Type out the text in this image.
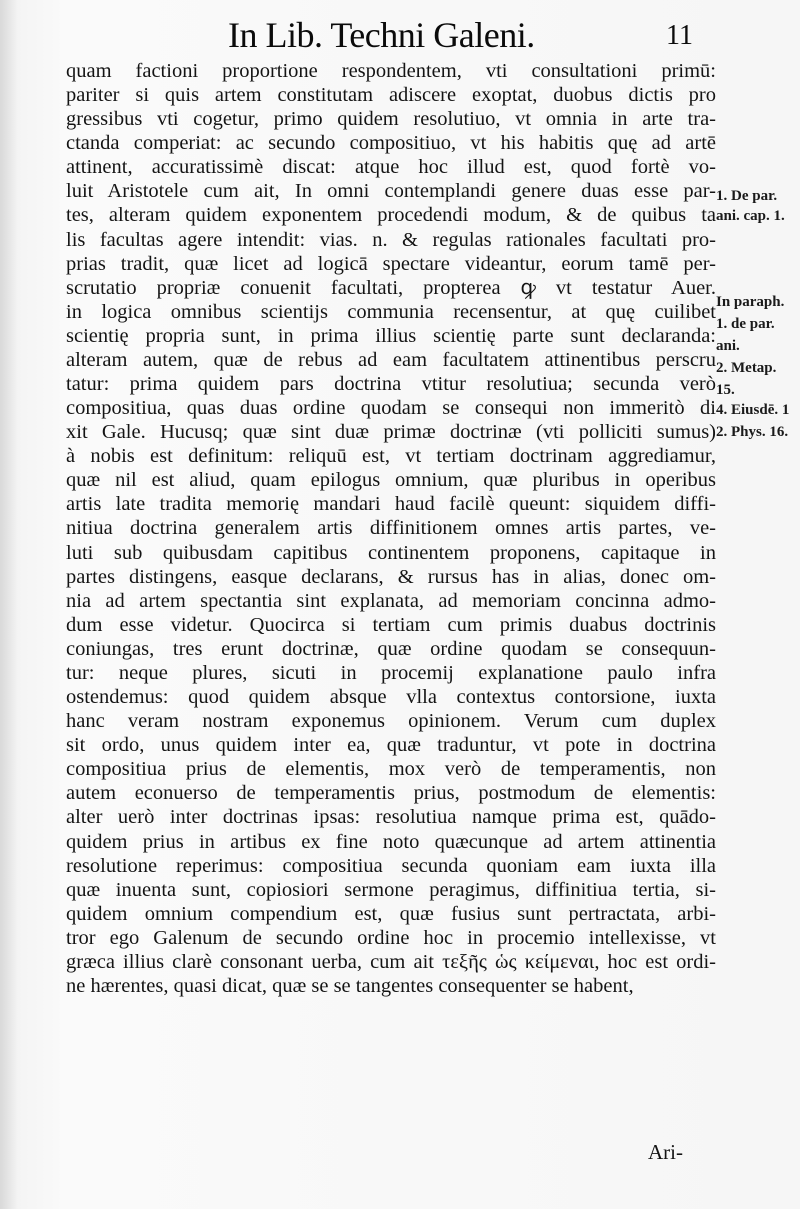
In Lib. Techni Galeni.	11
quam factioni proportione respondentem, vti consultationi primū:
pariter si quis artem constitutam adiscere exoptat, duobus dictis pro
gressibus vti cogetur, primo quidem resolutiuo, vt omnia in arte tra-
ctanda comperiat: ac secundo compositiuo, vt his habitis quę ad artē
attinent, accuratissimè discat: atque hoc illud est, quod fortè vo-
luit Aristotele cum ait, In omni contemplandi genere duas esse par-
tes, alteram quidem exponentem procedendi modum, & de quibus ta
lis facultas agere intendit: vias. n. & regulas rationales facultati pro-
prias tradit, quæ licet ad logicā spectare videantur, eorum tamē per-
scrutatio propriæ conuenit facultati, propterea ꝙ vt testatur Auer.
in logica omnibus scientijs communia recensentur, at quę cuilibet
scientię propria sunt, in prima illius scientię parte sunt declaranda:
alteram autem, quæ de rebus ad eam facultatem attinentibus perscru
tatur: prima quidem pars doctrina vtitur resolutiua; secunda verò
compositiua, quas duas ordine quodam se consequi non immeritò di
xit Gale. Hucusq; quæ sint duæ primæ doctrinæ (vti polliciti sumus)
à nobis est definitum: reliquū est, vt tertiam doctrinam aggrediamur,
quæ nil est aliud, quam epilogus omnium, quæ pluribus in operibus
artis late tradita memorię mandari haud facilè queunt: siquidem diffi-
nitiua doctrina generalem artis diffinitionem omnes artis partes, ve-
luti sub quibusdam capitibus continentem proponens, capitaque in
partes distingens, easque declarans, & rursus has in alias, donec om-
nia ad artem spectantia sint explanata, ad memoriam concinna admo-
dum esse videtur. Quocirca si tertiam cum primis duabus doctrinis
coniungas, tres erunt doctrinæ, quæ ordine quodam se consequun-
tur: neque plures, sicuti in procemij explanatione paulo infra
ostendemus: quod quidem absque vlla contextus contorsione, iuxta
hanc veram nostram exponemus opinionem. Verum cum duplex
sit ordo, unus quidem inter ea, quæ traduntur, vt pote in doctrina
compositiua prius de elementis, mox verò de temperamentis, non
autem econuerso de temperamentis prius, postmodum de elementis:
alter uerò inter doctrinas ipsas: resolutiua namque prima est, quādo-
quidem prius in artibus ex fine noto quæcunque ad artem attinentia
resolutione reperimus: compositiua secunda quoniam eam iuxta illa
quæ inuenta sunt, copiosiori sermone peragimus, diffinitiua tertia, si-
quidem omnium compendium est, quæ fusius sunt pertractata, arbi-
tror ego Galenum de secundo ordine hoc in procemio intellexisse, vt
græca illius clarè consonant uerba, cum ait τεξῆς ὡς κείμεναι, hoc est ordi-
ne hærentes, quasi dicat, quæ se se tangentes consequenter se habent,
Ari-
1. De par.
ani. cap. 1.
In paraph.
1. de par.
ani.
2. Metap.
15.
4. Eiusdē. 1
2. Phys. 16.
